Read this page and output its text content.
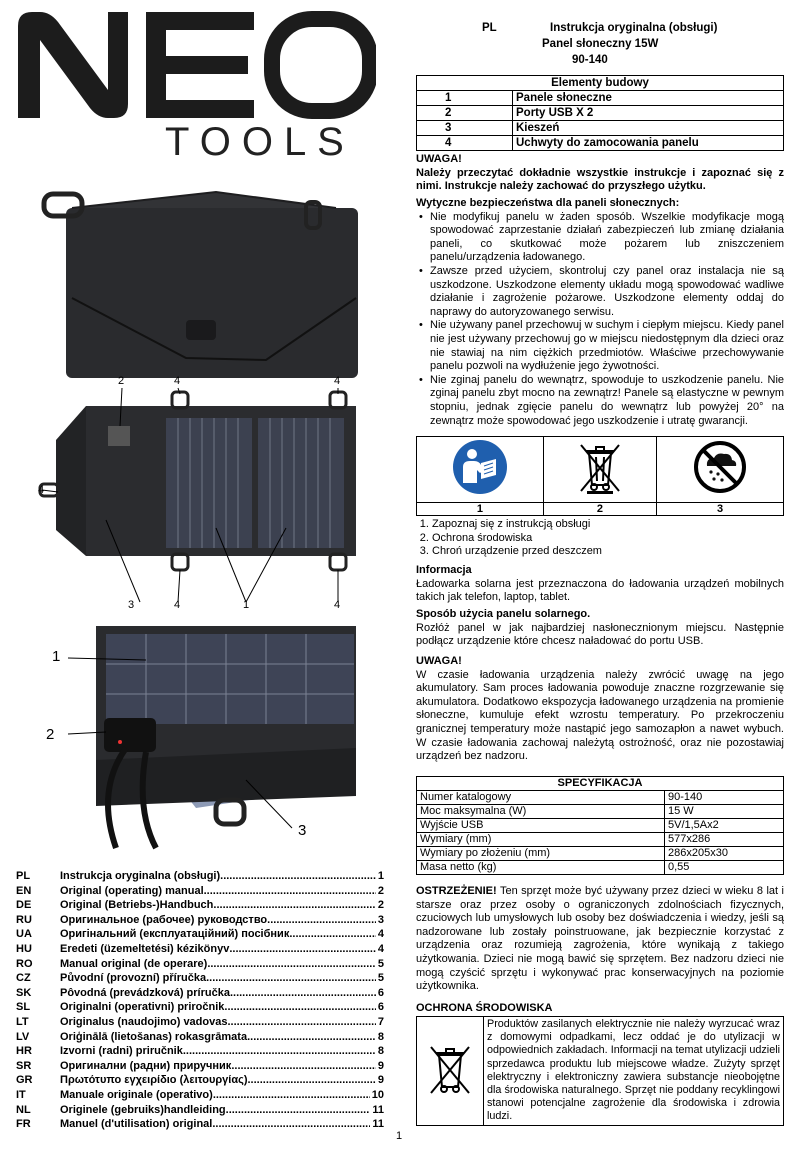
TOOLS
2	4	4
4
3	4	1	4
1
2
3
PL	Instrukcja oryginalna (obsługi)
Panel słoneczny 15W
90-140
Elementy budowy	
1	Panele słoneczne
2	Porty USB X 2
3	Kieszeń
4	Uchwyty do zamocowania panelu
UWAGA!
Należy przeczytać dokładnie wszystkie instrukcje i zapoznać się z nimi. Instrukcje należy zachować do przyszłego użytku.
Wytyczne bezpieczeństwa dla paneli słonecznych:
• Nie modyfikuj panelu w żaden sposób. Wszelkie modyfikacje mogą spowodować zaprzestanie działań zabezpieczeń lub zmianę działania paneli, co skutkować może pożarem lub zniszczeniem panelu/urządzenia ładowanego.
• Zawsze przed użyciem, skontroluj czy panel oraz instalacja nie są uszkodzone. Uszkodzone elementy układu mogą spowodować wadliwe działanie i zagrożenie pożarowe. Uszkodzone elementy oddaj do naprawy do autoryzowanego serwisu.
• Nie używany panel przechowuj w suchym i ciepłym miejscu. Kiedy panel nie jest używany przechowuj go w miejscu niedostępnym dla dzieci oraz nie stawiaj na nim ciężkich przedmiotów. Właściwe przechowywanie panelu pozwoli na wydłużenie jego żywotności.
• Nie zginaj panelu do wewnątrz, spowoduje to uszkodzenie panelu. Nie zginaj panelu zbyt mocno na zewnątrz! Panele są elastyczne w pewnym stopniu, jednak zgięcie panelu do wewnątrz lub powyżej 20° na zewnątrz może spowodować jego uszkodzenie i utratę gwarancji.

1	2	3
1. Zapoznaj się z instrukcją obsługi
2. Ochrona środowiska
3. Chroń urządzenie przed deszczem
Informacja
Ładowarka solarna jest przeznaczona do ładowania urządzeń mobilnych takich jak telefon, laptop, tablet.
Sposób użycia panelu solarnego.
Rozłóż panel w jak najbardziej nasłonecznionym miejscu. Następnie podłącz urządzenie które chcesz naładować do portu USB.
UWAGA!
W czasie ładowania urządzenia należy zwrócić uwagę na jego akumulatory. Sam proces ładowania powoduje znaczne rozgrzewanie się akumulatora. Dodatkowo ekspozycja ładowanego urządzenia na promienie słoneczne, kumuluje efekt wzrostu temperatury. Po przekroczeniu granicznej temperatury może nastąpić jego samozapłon a nawet wybuch. W czasie ładowania zachowaj należytą ostrożność, oraz nie pozostawiaj urządzeń bez nadzoru.
SPECYFIKACJA	
Numer katalogowy	90-140
Moc maksymalna (W)	15 W
Wyjście USB	5V/1,5Ax2
Wymiary (mm)	577x286
Wymiary po złożeniu (mm)	286x205x30
Masa netto (kg)	0,55
OSTRZEŻENIE! Ten sprzęt może być używany przez dzieci w wieku 8 lat i starsze oraz przez osoby o ograniczonych zdolnościach fizycznych, czuciowych lub umysłowych lub osoby bez doświadczenia i wiedzy, jeśli są nadzorowane lub zostały poinstruowane, jak bezpiecznie korzystać z urządzenia oraz rozumieją zagrożenia, które wynikają z takiego użytkowania. Dzieci nie mogą bawić się sprzętem. Bez nadzoru dzieci nie mogą czyścić sprzętu i wykonywać prac konserwacyjnych na poziomie użytkownika.
OCHRONA ŚRODOWISKA
	Produktów zasilanych elektrycznie nie należy wyrzucać wraz z domowymi odpadkami, lecz oddać je do utylizacji w odpowiednich zakładach. Informacji na temat utylizacji udzieli sprzedawca produktu lub miejscowe władze. Zużyty sprzęt elektryczny i elektroniczny zawiera substancje nieobojętne dla środowiska naturalnego. Sprzęt nie poddany recyklingowi stanowi potencjalne zagrożenie dla środowiska i zdrowia ludzi.
PL	Instrukcja oryginalna (obsługi) .....	1
EN	Original (operating) manual .....	2
DE	Original (Betriebs-)Handbuch .....	2
RU	Оригинальное (рабочее) руководство .....	3
UA	Оригінальний (експлуатаційний) посібник .....	4
HU	Eredeti (üzemeltetési) kézikönyv .....	4
RO	Manual original (de operare) .....	5
CZ	Původní (provozní) příručka .....	5
SK	Pôvodná (prevádzková) príručka .....	6
SL	Originalni (operativni) priročnik .....	6
LT	Originalus (naudojimo) vadovas .....	7
LV	Oriģinālā (lietošanas) rokasgrāmata .....	8
HR	Izvorni (radni) priručnik .....	8
SR	Оригинални (радни) приручник .....	9
GR	Πρωτότυπο εγχειρίδιο (λειτουργίας) .....	9
IT	Manuale originale (operativo) .....	10
NL	Originele (gebruiks)handleiding .....	11
FR	Manuel (d'utilisation) original .....	11
1
